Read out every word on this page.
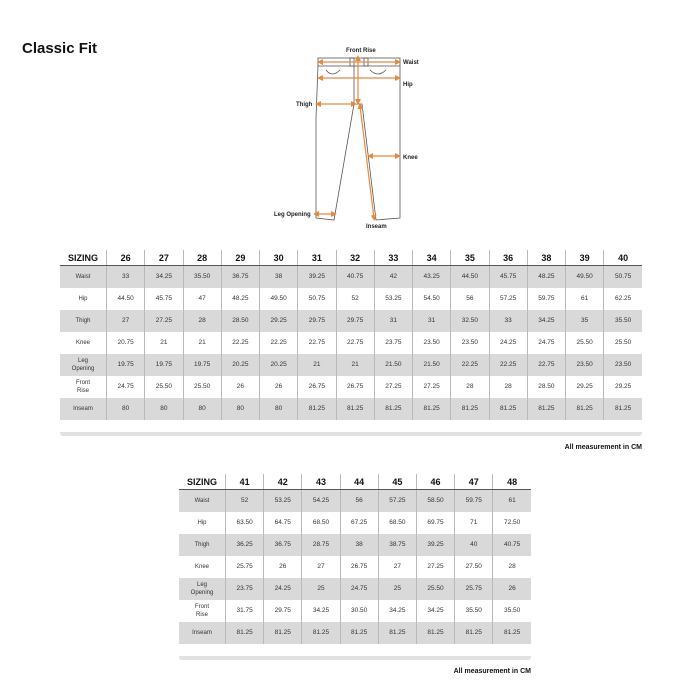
Classic Fit	Front Rise
Waist
Hip
Thigh
Knee
Leg Opening
Inseam
SIZING	26	27	28	29	30	31	32	33	34	35	36	38	39	40
Waist	33	34.25	35.50	36.75	38	39.25	40.75	42	43.25	44.50	45.75	48.25	49.50	50.75
Hip	44.50	45.75	47	48.25	49.50	50.75	52	53.25	54.50	56	57.25	59.75	61	62.25
Thigh	27	27.25	28	28.50	29.25	29.75	29.75	31	31	32.50	33	34.25	35	35.50
Knee	20.75	21	21	22.25	22.25	22.75	22.75	23.75	23.50	23.50	24.25	24.75	25.50	25.50
Leg
Opening	19.75	19.75	19.75	20.25	20.25	21	21	21.50	21.50	22.25	22.25	22.75	23.50	23.50
Front
Rise	24.75	25.50	25.50	26	26	26.75	26.75	27.25	27.25	28	28	28.50	29.25	29.25
Inseam	80	80	80	80	80	81.25	81.25	81.25	81.25	81.25	81.25	81.25	81.25	81.25
All measurement in CM
SIZING	41	42	43	44	45	46	47	48
Waist	52	53.25	54.25	56	57.25	58.50	59.75	61
Hip	63.50	64.75	68.50	67.25	68.50	69.75	71	72.50
Thigh	36.25	36.75	28.75	38	38.75	39.25	40	40.75
Knee	25.75	26	27	26.75	27	27.25	27.50	28
Leg
Opening	23.75	24.25	25	24.75	25	25.50	25.75	26
Front
Rise	31.75	29.75	34.25	30.50	34.25	34.25	35.50	35.50
Inseam	81.25	81.25	81.25	81.25	81.25	81.25	81.25	81.25
All measurement in CM
